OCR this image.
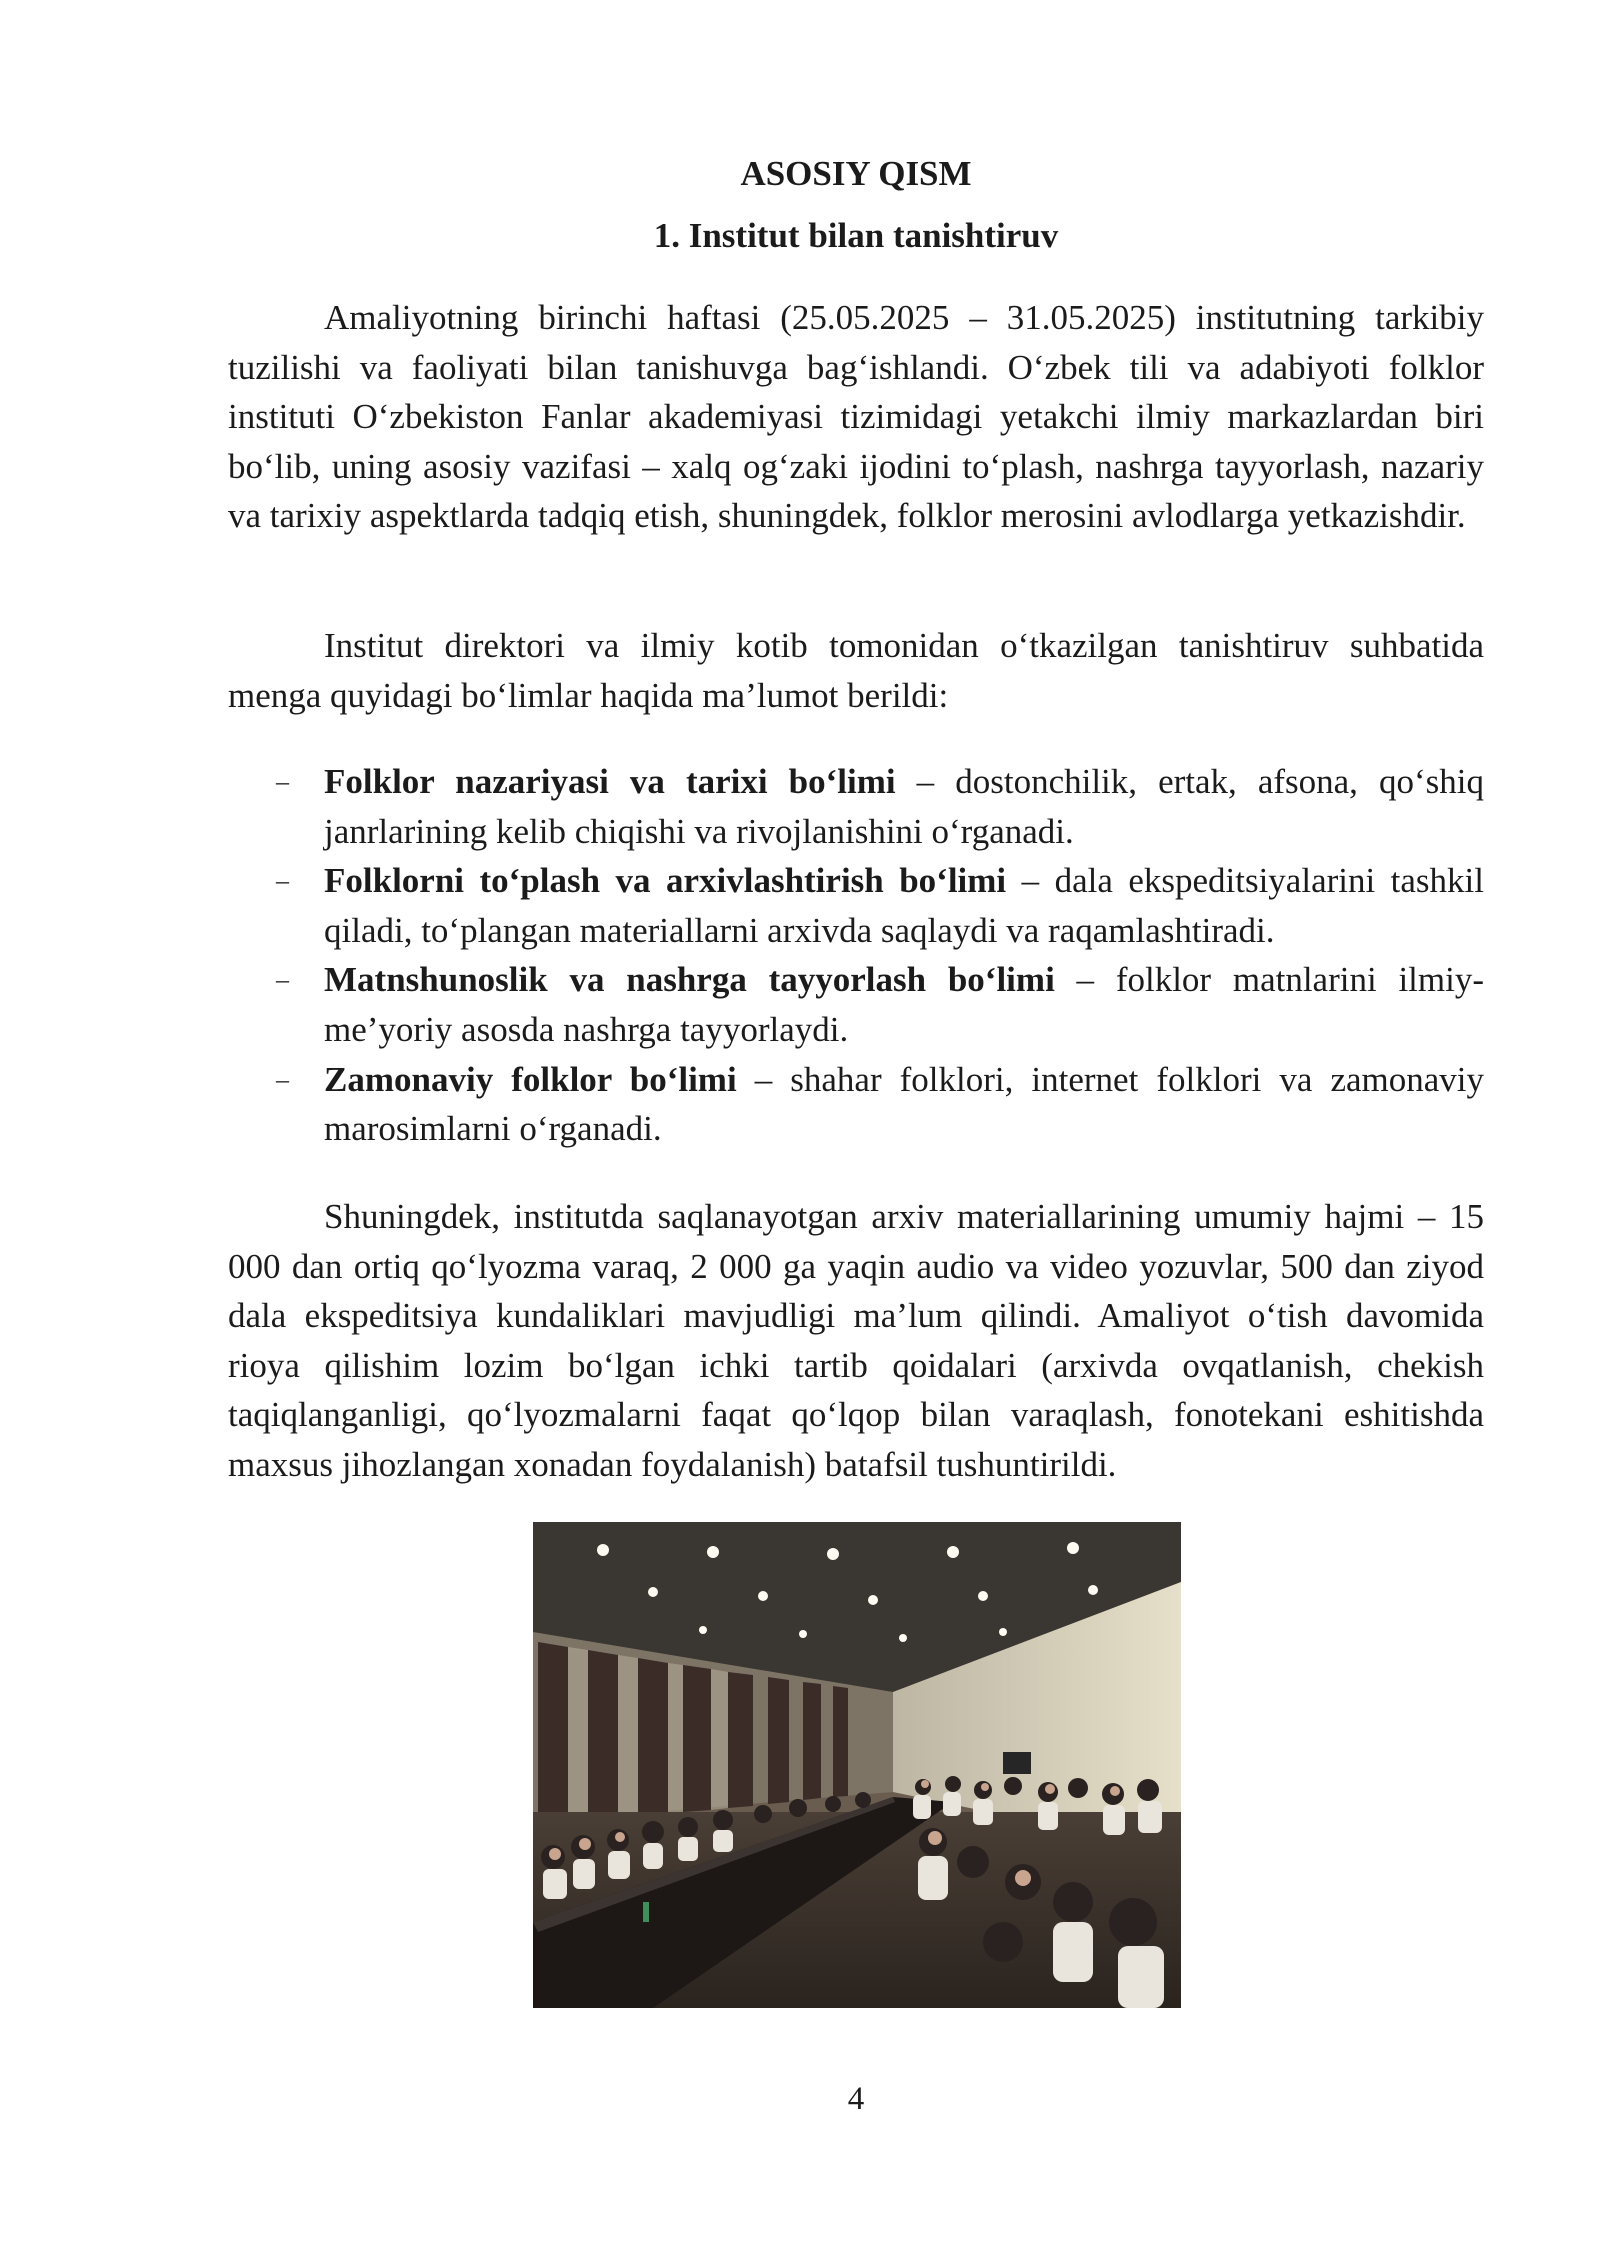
ASOSIY QISM
1. Institut bilan tanishtiruv

Amaliyotning birinchi haftasi (25.05.2025 – 31.05.2025) institutning tarkibiy tuzilishi va faoliyati bilan tanishuvga bag‘ishlandi. O‘zbek tili va adabiyoti folklor instituti O‘zbekiston Fanlar akademiyasi tizimidagi yetakchi ilmiy markazlardan biri bo‘lib, uning asosiy vazifasi – xalq og‘zaki ijodini to‘plash, nashrga tayyorlash, nazariy va tarixiy aspektlarda tadqiq etish, shuningdek, folklor merosini avlodlarga yetkazishdir.

Institut direktori va ilmiy kotib tomonidan o‘tkazilgan tanishtiruv suhbatida menga quyidagi bo‘limlar haqida ma’lumot berildi:

– Folklor nazariyasi va tarixi bo‘limi – dostonchilik, ertak, afsona, qo‘shiq janrlarining kelib chiqishi va rivojlanishini o‘rganadi.
– Folklorni to‘plash va arxivlashtirish bo‘limi – dala ekspeditsiyalarini tashkil qiladi, to‘plangan materiallarni arxivda saqlaydi va raqamlashtiradi.
– Matnshunoslik va nashrga tayyorlash bo‘limi – folklor matnlarini ilmiy-me’yoriy asosda nashrga tayyorlaydi.
– Zamonaviy folklor bo‘limi – shahar folklori, internet folklori va zamonaviy marosimlarni o‘rganadi.

Shuningdek, institutda saqlanayotgan arxiv materiallarining umumiy hajmi – 15 000 dan ortiq qo‘lyozma varaq, 2 000 ga yaqin audio va video yozuvlar, 500 dan ziyod dala ekspeditsiya kundaliklari mavjudligi ma’lum qilindi. Amaliyot o‘tish davomida rioya qilishim lozim bo‘lgan ichki tartib qoidalari (arxivda ovqatlanish, chekish taqiqlanganligi, qo‘lyozmalarni faqat qo‘lqop bilan varaqlash, fonotekani eshitishda maxsus jihozlangan xonadan foydalanish) batafsil tushuntirildi.

4
